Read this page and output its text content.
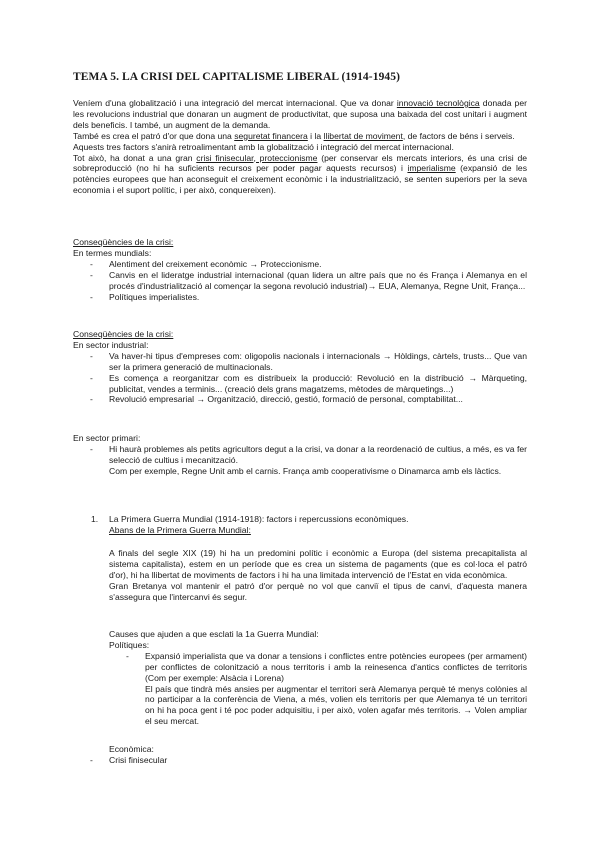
TEMA 5. LA CRISI DEL CAPITALISME LIBERAL (1914-1945)

Veníem d'una globalització i una integració del mercat internacional. Que va donar innovació tecnològica donada per les revolucions industrial que donaran un augment de productivitat, que suposa una baixada del cost unitari i augment dels beneficis. I també, un augment de la demanda.

També es crea el patró d'or que dona una seguretat financera i la llibertat de moviment, de factors de béns i serveis.

Aquests tres factors s'anirà retroalimentant amb la globalització i integració del mercat internacional.

Tot això, ha donat a una gran crisi finisecular, proteccionisme (per conservar els mercats interiors, és una crisi de sobreproducció (no hi ha suficients recursos per poder pagar aquests recursos) i imperialisme (expansió de les potències europees que han aconseguit el creixement econòmic i la industrialització, se senten superiors per la seva economia i el suport polític, i per això, conquereixen).

Conseqüències de la crisi:

En termes mundials:

- Alentiment del creixement econòmic → Proteccionisme.
- Canvis en el lideratge industrial internacional (quan lidera un altre país que no és França i Alemanya en el procés d'industrialització al començar la segona revolució industrial)→ EUA, Alemanya, Regne Unit, França...
- Polítiques imperialistes.

Conseqüències de la crisi:

En sector industrial:

- Va haver-hi tipus d'empreses com: oligopolis nacionals i internacionals → Hòldings, càrtels, trusts... Que van ser la primera generació de multinacionals.
- Es comença a reorganitzar com es distribueix la producció: Revolució en la distribució → Màrqueting, publicitat, vendes a terminis... (creació dels grans magatzems, mètodes de màrquetings...)
- Revolució empresarial → Organització, direcció, gestió, formació de personal, comptabilitat...

En sector primari:

- Hi haurà problemes als petits agricultors degut a la crisi, va donar a la reordenació de cultius, a més, es va fer selecció de cultius i mecanització.

Com per exemple, Regne Unit amb el carnis. França amb cooperativisme o Dinamarca amb els làctics.

1. La Primera Guerra Mundial (1914-1918): factors i repercussions econòmiques.

Abans de la Primera Guerra Mundial:

A finals del segle XIX (19) hi ha un predomini polític i econòmic a Europa (del sistema precapitalista al sistema capitalista), estem en un període que es crea un sistema de pagaments (que es col·loca el patró d'or), hi ha llibertat de moviments de factors i hi ha una limitada intervenció de l'Estat en vida econòmica.

Gran Bretanya vol mantenir el patró d'or perquè no vol que canviï el tipus de canvi, d'aquesta manera s'assegura que l'intercanvi és segur.

Causes que ajuden a que esclati la 1a Guerra Mundial:

Polítiques:

- Expansió imperialista que va donar a tensions i conflictes entre potències europees (per armament) per conflictes de colonització a nous territoris i amb la reinesenca d'antics conflictes de territoris (Com per exemple: Alsàcia i Lorena)

El país que tindrà més ansies per augmentar el territori serà Alemanya perquè té menys colònies al no participar a la conferència de Viena, a més, volien els territoris per que Alemanya té un territori on hi ha poca gent i té poc poder adquisitiu, i per això, volen agafar més territoris. → Volen ampliar el seu mercat.

Econòmica:

- Crisi finisecular
